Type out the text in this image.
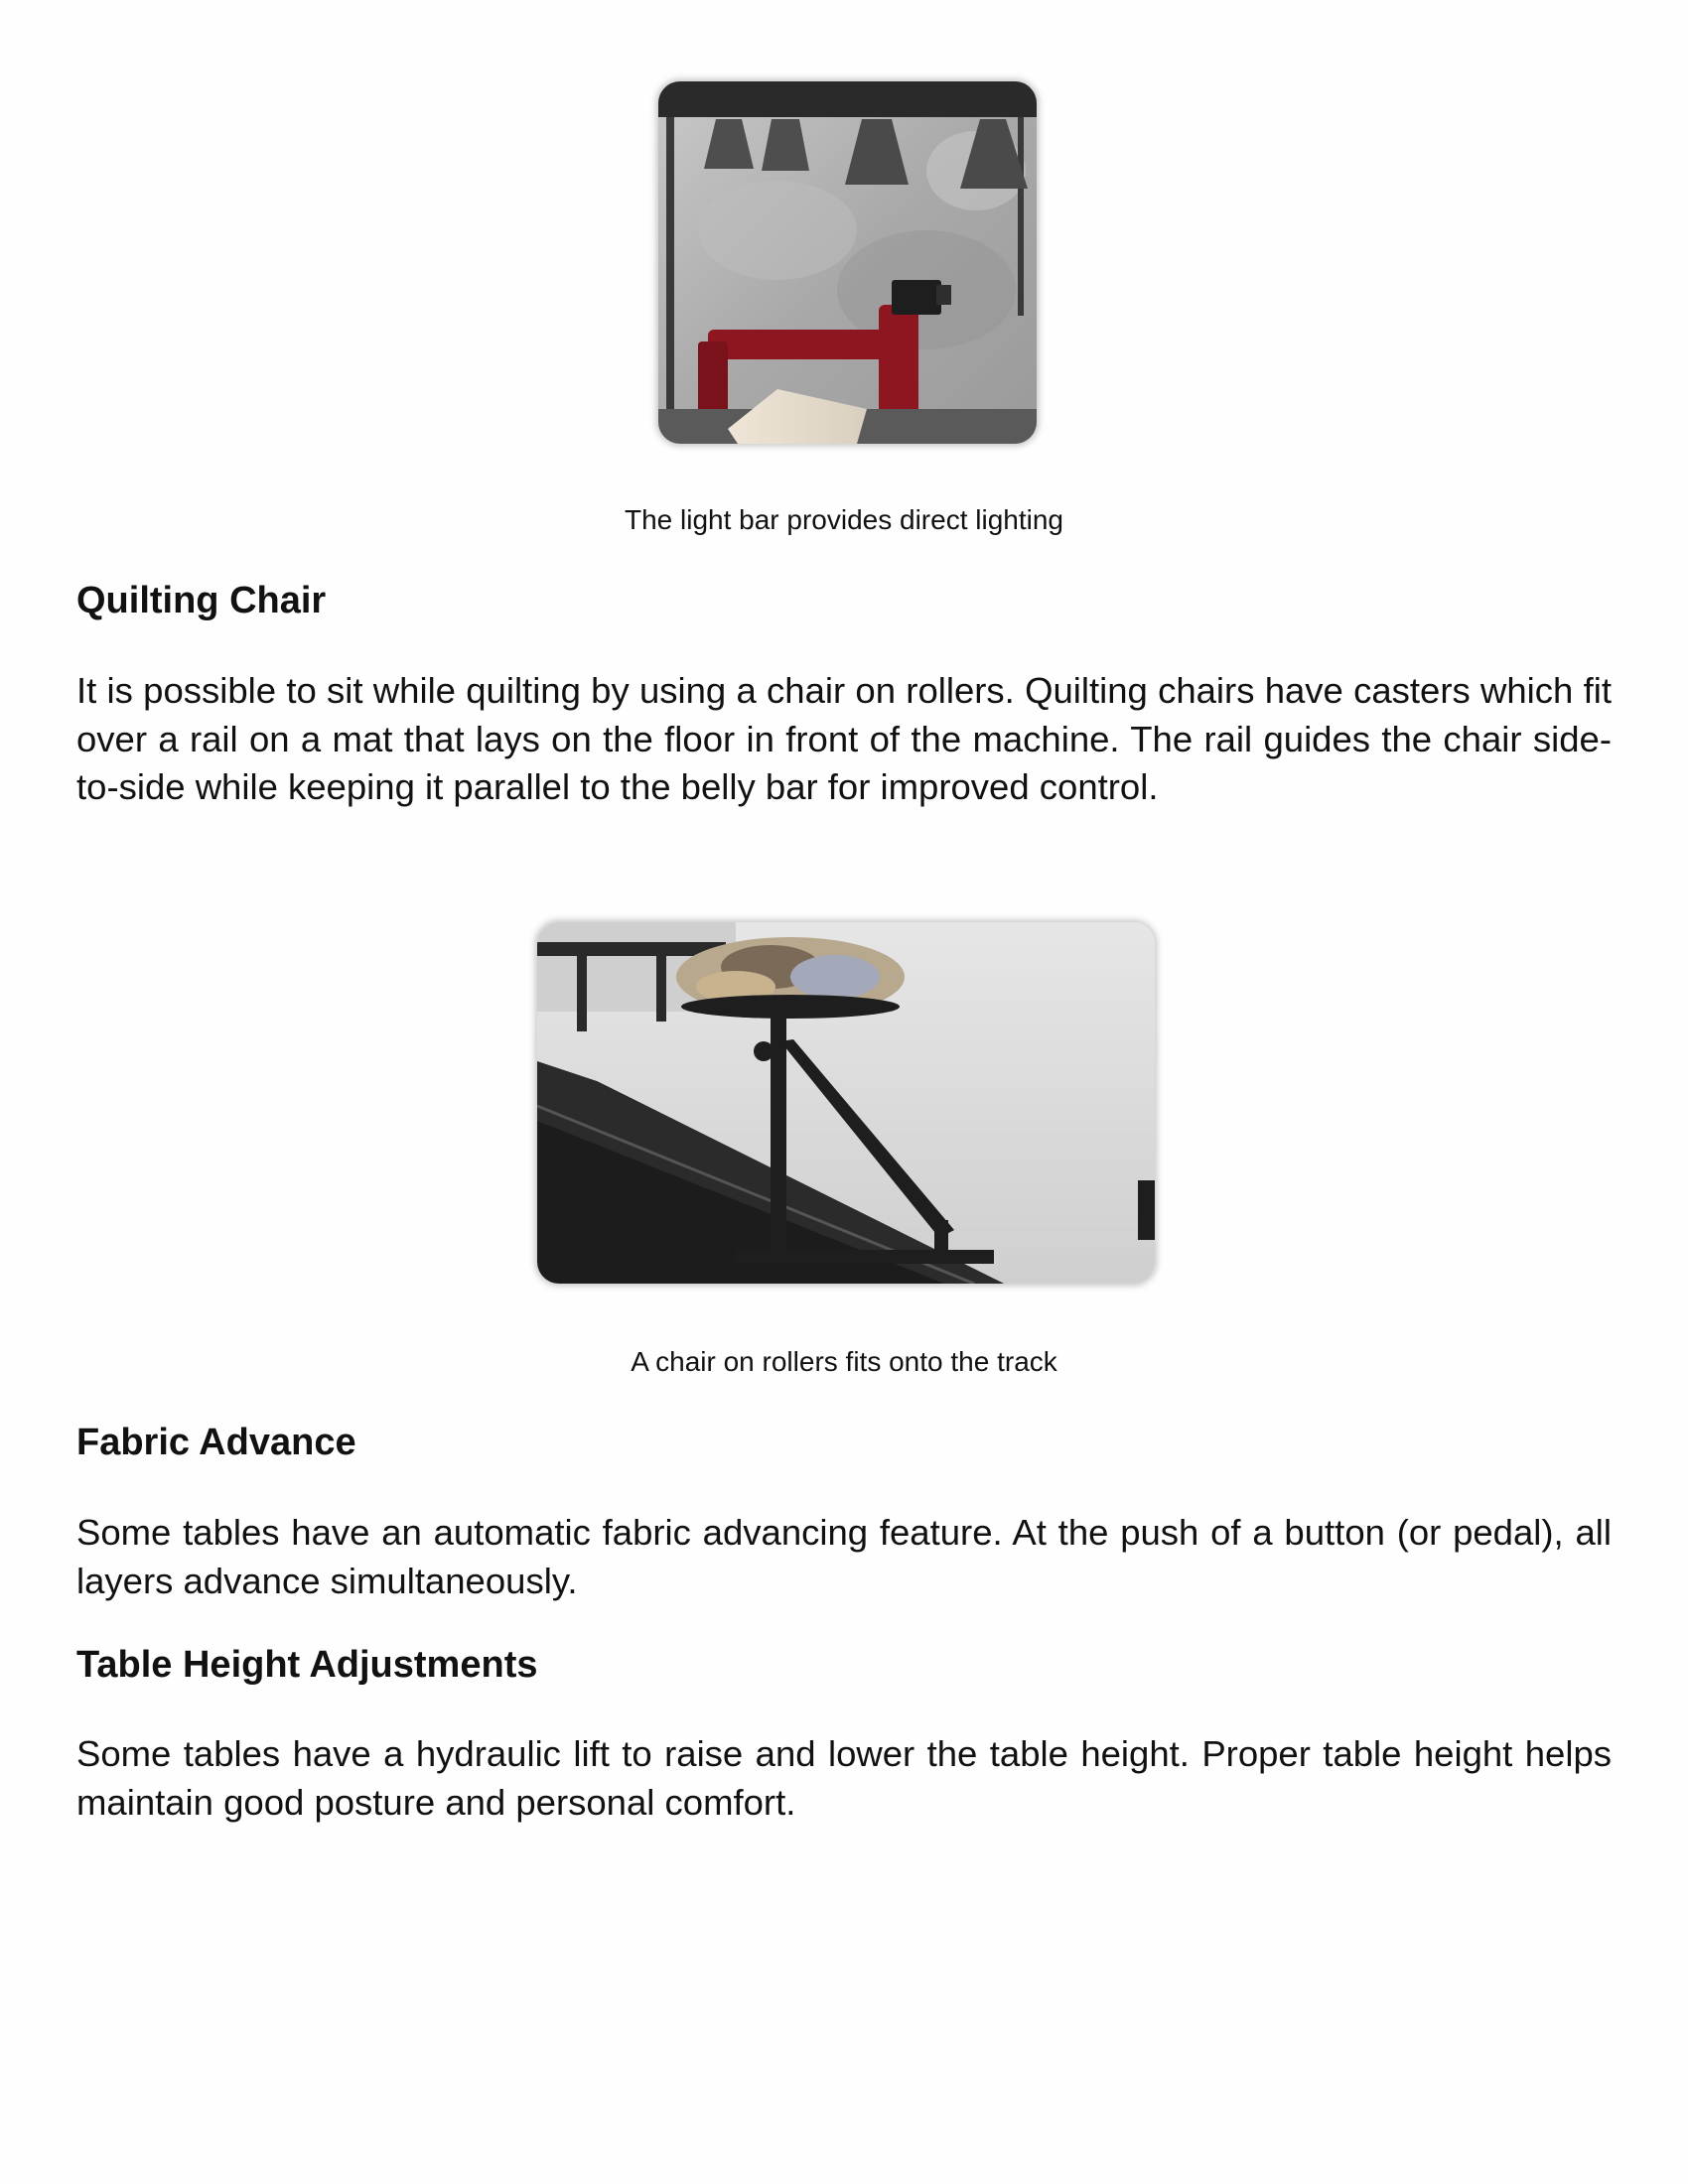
The light bar provides direct lighting
Quilting Chair

It is possible to sit while quilting by using a chair on rollers. Quilting chairs have casters which fit over a rail on a mat that lays on the floor in front of the machine. The rail guides the chair side-to-side while keeping it parallel to the belly bar for improved control.

A chair on rollers fits onto the track
Fabric Advance

Some tables have an automatic fabric advancing feature. At the push of a button (or pedal), all layers advance simultaneously.

Table Height Adjustments

Some tables have a hydraulic lift to raise and lower the table height. Proper table height helps maintain good posture and personal comfort.
